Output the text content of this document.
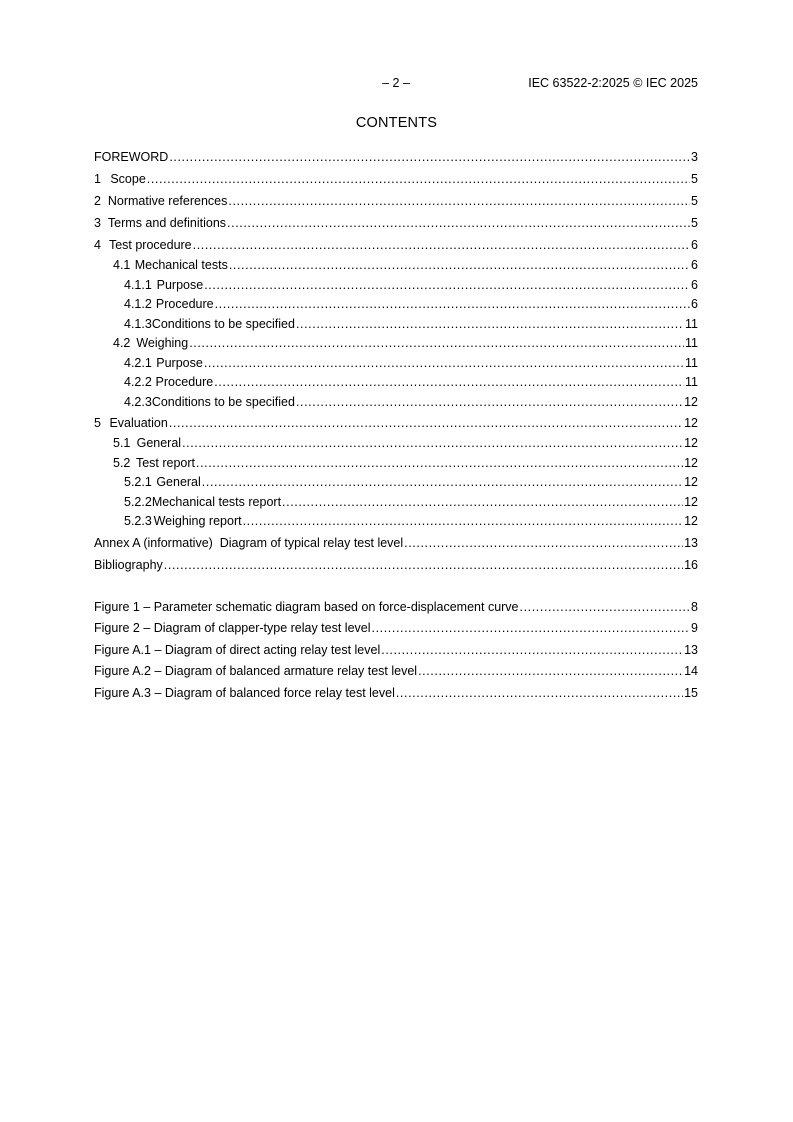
– 2 –	IEC 63522-2:2025 © IEC 2025
CONTENTS
FOREWORD .....	3
1 Scope .....	5
2 Normative references .....	5
3 Terms and definitions .....	5
4 Test procedure .....	6
4.1 Mechanical tests .....	6
4.1.1 Purpose .....	6
4.1.2 Procedure .....	6
4.1.3 Conditions to be specified .....	11
4.2 Weighing .....	11
4.2.1 Purpose .....	11
4.2.2 Procedure .....	11
4.2.3 Conditions to be specified .....	12
5 Evaluation .....	12
5.1 General .....	12
5.2 Test report .....	12
5.2.1 General .....	12
5.2.2 Mechanical tests report .....	12
5.2.3 Weighing report .....	12
Annex A (informative)  Diagram of typical relay test level .....	13
Bibliography .....	16
Figure 1 – Parameter schematic diagram based on force-displacement curve .....	8
Figure 2 – Diagram of clapper-type relay test level .....	9
Figure A.1 – Diagram of direct acting relay test level .....	13
Figure A.2 – Diagram of balanced armature relay test level .....	14
Figure A.3 – Diagram of balanced force relay test level .....	15
